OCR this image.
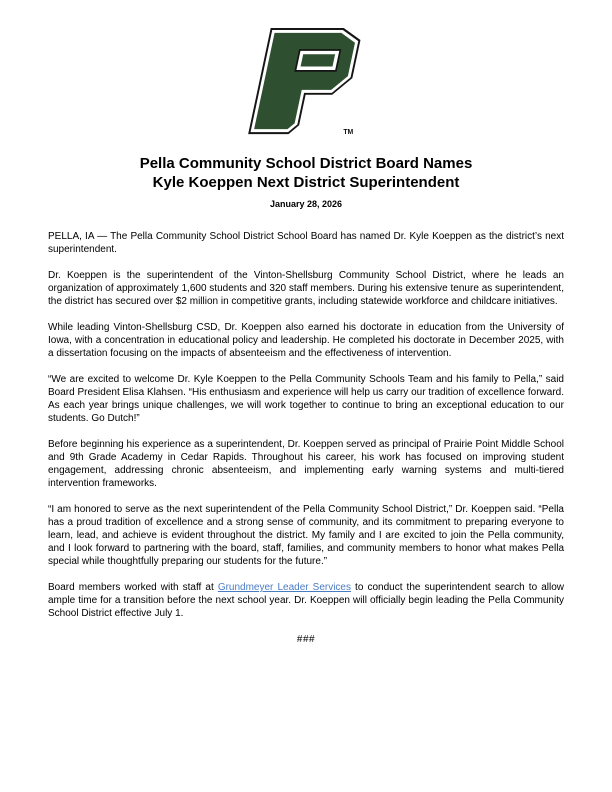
TM
Pella Community School District Board Names
Kyle Koeppen Next District Superintendent
January 28, 2026

PELLA, IA — The Pella Community School District School Board has named Dr. Kyle Koeppen as the district’s next superintendent.

Dr. Koeppen is the superintendent of the Vinton-Shellsburg Community School District, where he leads an organization of approximately 1,600 students and 320 staff members. During his extensive tenure as superintendent, the district has secured over $2 million in competitive grants, including statewide workforce and childcare initiatives.

While leading Vinton-Shellsburg CSD, Dr. Koeppen also earned his doctorate in education from the University of Iowa, with a concentration in educational policy and leadership. He completed his doctorate in December 2025, with a dissertation focusing on the impacts of absenteeism and the effectiveness of intervention.

“We are excited to welcome Dr. Kyle Koeppen to the Pella Community Schools Team and his family to Pella,” said Board President Elisa Klahsen. “His enthusiasm and experience will help us carry our tradition of excellence forward. As each year brings unique challenges, we will work together to continue to bring an exceptional education to our students. Go Dutch!”

Before beginning his experience as a superintendent, Dr. Koeppen served as principal of Prairie Point Middle School and 9th Grade Academy in Cedar Rapids. Throughout his career, his work has focused on improving student engagement, addressing chronic absenteeism, and implementing early warning systems and multi-tiered intervention frameworks.

“I am honored to serve as the next superintendent of the Pella Community School District,” Dr. Koeppen said. “Pella has a proud tradition of excellence and a strong sense of community, and its commitment to preparing everyone to learn, lead, and achieve is evident throughout the district. My family and I are excited to join the Pella community, and I look forward to partnering with the board, staff, families, and community members to honor what makes Pella special while thoughtfully preparing our students for the future.”

Board members worked with staff at Grundmeyer Leader Services to conduct the superintendent search to allow ample time for a transition before the next school year. Dr. Koeppen will officially begin leading the Pella Community School District effective July 1.

###
